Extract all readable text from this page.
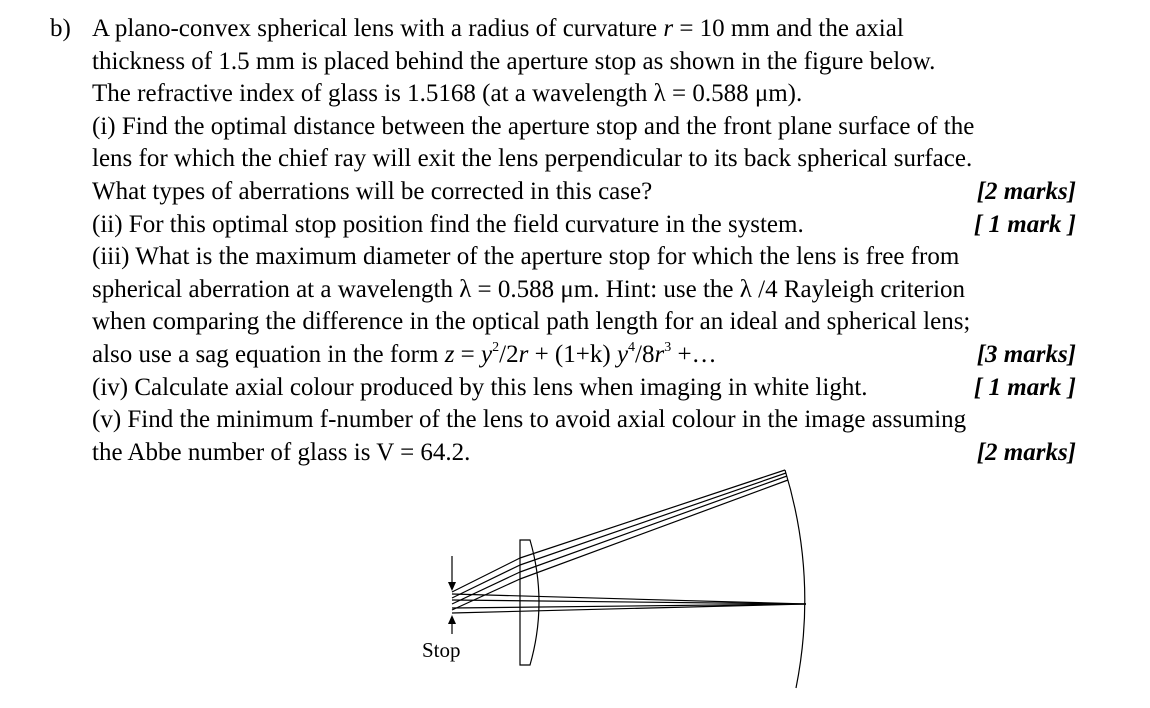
b) A plano-convex spherical lens with a radius of curvature r = 10 mm and the axial
thickness of 1.5 mm is placed behind the aperture stop as shown in the figure below.
The refractive index of glass is 1.5168 (at a wavelength λ = 0.588 μm).
(i) Find the optimal distance between the aperture stop and the front plane surface of the
lens for which the chief ray will exit the lens perpendicular to its back spherical surface.
What types of aberrations will be corrected in this case?	[2 marks]
(ii) For this optimal stop position find the field curvature in the system.	[ 1 mark ]
(iii) What is the maximum diameter of the aperture stop for which the lens is free from
spherical aberration at a wavelength λ = 0.588 μm. Hint: use the λ /4 Rayleigh criterion
when comparing the difference in the optical path length for an ideal and spherical lens;
also use a sag equation in the form $z = y^2/2r + (1+k)$ $y^4/8r^3$ +…	[3 marks]
(iv) Calculate axial colour produced by this lens when imaging in white light.	[ 1 mark ]
(v) Find the minimum f-number of the lens to avoid axial colour in the image assuming
the Abbe number of glass is V = 64.2.	[2 marks]
Stop
